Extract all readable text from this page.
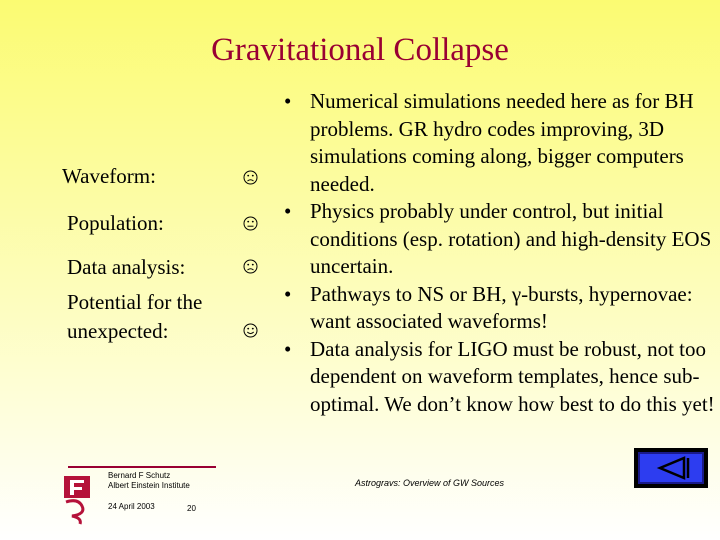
Gravitational Collapse
Waveform:
Population:
Data analysis:
Potential for the
unexpected:
• Numerical simulations needed here as for BH problems. GR hydro codes improving, 3D simulations coming along, bigger computers needed.
• Physics probably under control, but initial conditions (esp. rotation) and high-density EOS uncertain.
• Pathways to NS or BH, γ-bursts, hypernovae: want associated waveforms!
• Data analysis for LIGO must be robust, not too dependent on waveform templates, hence sub-optimal. We don’t know how best to do this yet!
Bernard F Schutz
Albert Einstein Institute
24 April 2003	20
Astrogravs: Overview of GW Sources
